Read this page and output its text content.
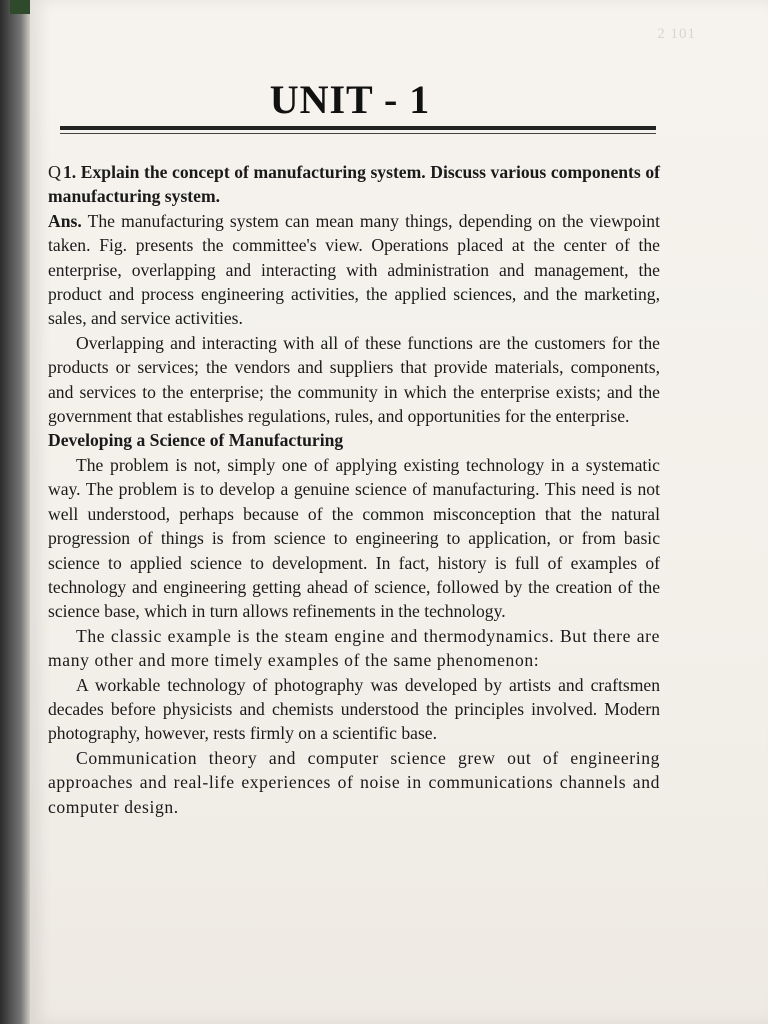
2 101
UNIT - 1

Q 1. Explain the concept of manufacturing system. Discuss various components of manufacturing system.

Ans. The manufacturing system can mean many things, depending on the viewpoint taken. Fig. presents the committee's view. Operations placed at the center of the enterprise, overlapping and interacting with administration and management, the product and process engineering activities, the applied sciences, and the marketing, sales, and service activities.

Overlapping and interacting with all of these functions are the customers for the products or services; the vendors and suppliers that provide materials, components, and services to the enterprise; the community in which the enterprise exists; and the government that establishes regulations, rules, and opportunities for the enterprise.

Developing a Science of Manufacturing

The problem is not, simply one of applying existing technology in a systematic way. The problem is to develop a genuine science of manufacturing. This need is not well understood, perhaps because of the common misconception that the natural progression of things is from science to engineering to application, or from basic science to applied science to development. In fact, history is full of examples of technology and engineering getting ahead of science, followed by the creation of the science base, which in turn allows refinements in the technology.

The classic example is the steam engine and thermodynamics. But there are many other and more timely examples of the same phenomenon:

A workable technology of photography was developed by artists and craftsmen decades before physicists and chemists understood the principles involved. Modern photography, however, rests firmly on a scientific base.

Communication theory and computer science grew out of engineering approaches and real-life experiences of noise in communications channels and computer design.
